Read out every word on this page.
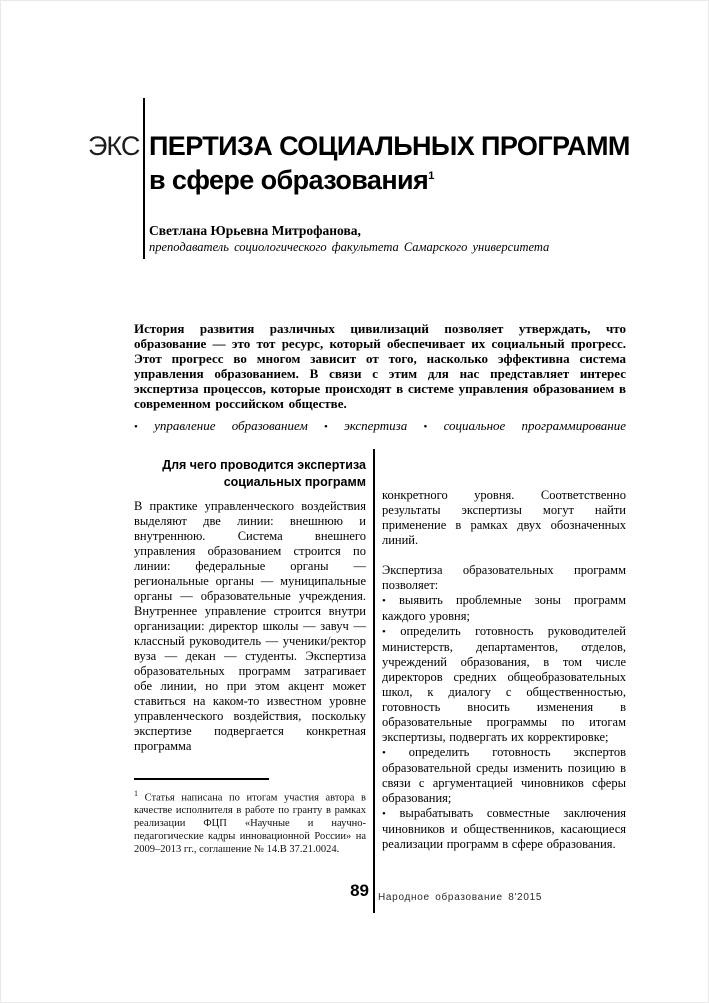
ЭКС ПЕРТИЗА СОЦИАЛЬНЫХ ПРОГРАММ
в сфере образования$^1$
Светлана Юрьевна Митрофанова,
преподаватель социологического факультета Самарского университета
История развития различных цивилизаций позволяет утверждать, что образование — это тот ресурс, который обеспечивает их социальный прогресс. Этот прогресс во многом зависит от того, насколько эффективна система управления образованием. В связи с этим для нас представляет интерес экспертиза процессов, которые происходят в системе управления образованием в современном российском обществе.
• управление образованием • экспертиза • социальное программирование
Для чего проводится экспертиза социальных программ
В практике управленческого воздействия выделяют две линии: внешнюю и внутреннюю. Система внешнего управления образованием строится по линии: федеральные органы — региональные органы — муниципальные органы — образовательные учреждения. Внутреннее управление строится внутри организации: директор школы — завуч — классный руководитель — ученики/ректор вуза — декан — студенты. Экспертиза образовательных программ затрагивает обе линии, но при этом акцент может ставиться на каком-то известном уровне управленческого воздействия, поскольку экспертизе подвергается конкретная программа
$^1$ Статья написана по итогам участия автора в качестве исполнителя в работе по гранту в рамках реализации ФЦП «Научные и научно-педагогические кадры инновационной России» на 2009–2013 гг., соглашение № 14.В 37.21.0024.
конкретного уровня. Соответственно результаты экспертизы могут найти применение в рамках двух обозначенных линий.
Экспертиза образовательных программ позволяет:
• выявить проблемные зоны программ каждого уровня;
• определить готовность руководителей министерств, департаментов, отделов, учреждений образования, в том числе директоров средних общеобразовательных школ, к диалогу с общественностью, готовность вносить изменения в образовательные программы по итогам экспертизы, подвергать их корректировке;
• определить готовность экспертов образовательной среды изменить позицию в связи с аргументацией чиновников сферы образования;
• вырабатывать совместные заключения чиновников и общественников, касающиеся реализации программ в сфере образования.
89 Народное образование 8'2015
